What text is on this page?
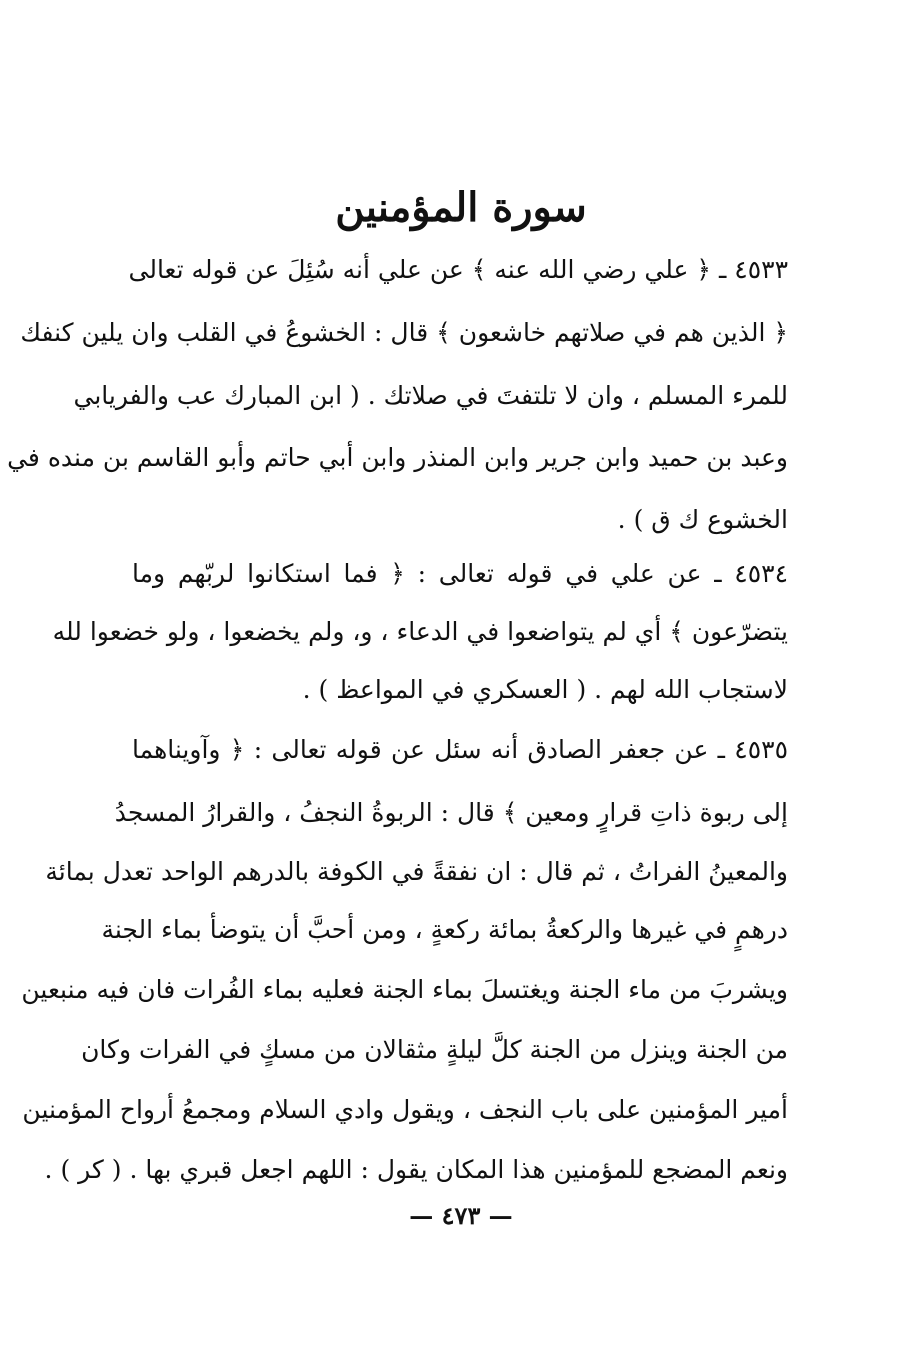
سورة المؤمنين
٤٥٣٣ ـ ﴿ علي رضي الله عنه ﴾ عن علي أنه سُئِلَ عن قوله تعالى
﴿ الذين هم في صلاتهم خاشعون ﴾ قال : الخشوعُ في القلب وان يلين كنفك
للمرء المسلم ، وان لا تلتفتَ في صلاتك . ( ابن المبارك عب والفريابي
وعبد بن حميد وابن جرير وابن المنذر وابن أبي حاتم وأبو القاسم بن منده في
الخشوع ك ق ) .
٤٥٣٤ ـ عن علي في قوله تعالى : ﴿ فما استكانوا لربّهم وما
يتضرّعون ﴾ أي لم يتواضعوا في الدعاء ، و، ولم يخضعوا ، ولو خضعوا لله
لاستجاب الله لهم . ( العسكري في المواعظ ) .
٤٥٣٥ ـ عن جعفر الصادق أنه سئل عن قوله تعالى : ﴿ وآويناهما
إلى ربوة ذاتِ قرارٍ ومعين ﴾ قال : الربوةُ النجفُ ، والقرارُ المسجدُ
والمعينُ الفراتُ ، ثم قال : ان نفقةً في الكوفة بالدرهم الواحد تعدل بمائة
درهمٍ في غيرها والركعةُ بمائة ركعةٍ ، ومن أحبَّ أن يتوضأ بماء الجنة
ويشربَ من ماء الجنة ويغتسلَ بماء الجنة فعليه بماء الفُرات فان فيه منبعين
من الجنة وينزل من الجنة كلَّ ليلةٍ مثقالان من مسكٍ في الفرات وكان
أمير المؤمنين على باب النجف ، ويقول وادي السلام ومجمعُ أرواح المؤمنين
ونعم المضجع للمؤمنين هذا المكان يقول : اللهم اجعل قبري بها . ( كر ) .
— ٤٧٣ —
